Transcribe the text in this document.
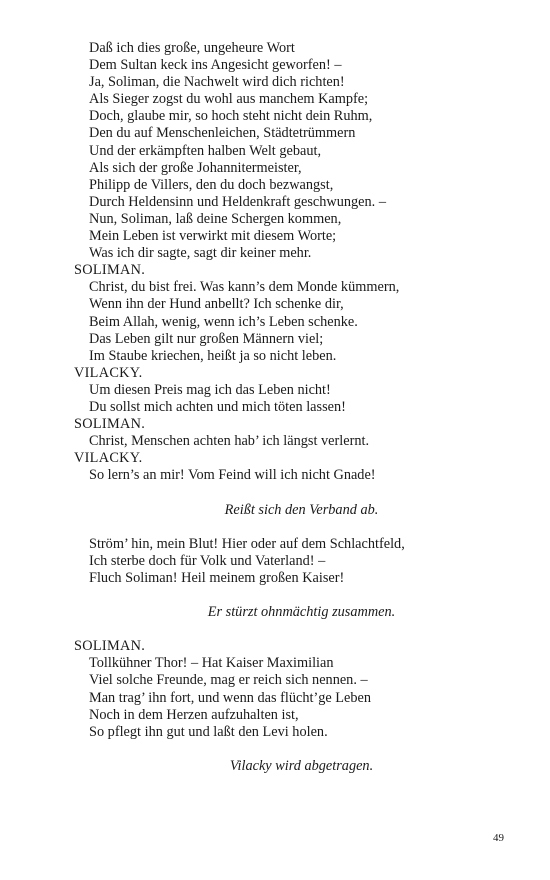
Daß ich dies große, ungeheure Wort
Dem Sultan keck ins Angesicht geworfen! –
Ja, Soliman, die Nachwelt wird dich richten!
Als Sieger zogst du wohl aus manchem Kampfe;
Doch, glaube mir, so hoch steht nicht dein Ruhm,
Den du auf Menschenleichen, Städtetrümmern
Und der erkämpften halben Welt gebaut,
Als sich der große Johannitermeister,
Philipp de Villers, den du doch bezwangst,
Durch Heldensinn und Heldenkraft geschwungen. –
Nun, Soliman, laß deine Schergen kommen,
Mein Leben ist verwirkt mit diesem Worte;
Was ich dir sagte, sagt dir keiner mehr.
SOLIMAN.
Christ, du bist frei. Was kann’s dem Monde kümmern,
Wenn ihn der Hund anbellt? Ich schenke dir,
Beim Allah, wenig, wenn ich’s Leben schenke.
Das Leben gilt nur großen Männern viel;
Im Staube kriechen, heißt ja so nicht leben.
VILACKY.
Um diesen Preis mag ich das Leben nicht!
Du sollst mich achten und mich töten lassen!
SOLIMAN.
Christ, Menschen achten hab’ ich längst verlernt.
VILACKY.
So lern’s an mir! Vom Feind will ich nicht Gnade!
Reißt sich den Verband ab.
Ström’ hin, mein Blut! Hier oder auf dem Schlachtfeld,
Ich sterbe doch für Volk und Vaterland! –
Fluch Soliman! Heil meinem großen Kaiser!
Er stürzt ohnmächtig zusammen.
SOLIMAN.
Tollkühner Thor! – Hat Kaiser Maximilian
Viel solche Freunde, mag er reich sich nennen. –
Man trag’ ihn fort, und wenn das flücht’ge Leben
Noch in dem Herzen aufzuhalten ist,
So pflegt ihn gut und laßt den Levi holen.
Vilacky wird abgetragen.
49
